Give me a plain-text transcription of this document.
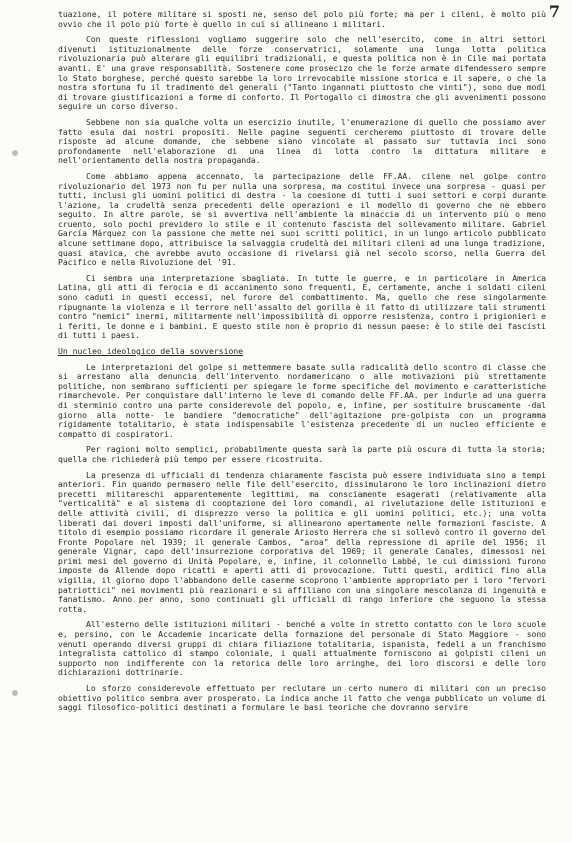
7
tuazione, il potere militare si sposti ne, senso del polo più forte; ma per i cileni, è molto più ovvio che il polo più forte è quello in cui si allineano i militari.
Con queste riflessioni vogliamo suggerire solo che nell'esercito, come in altri settori divenuti istituzionalmente delle forze conservatrici, solamente una lunga lotta politica rivoluzionaria può alterare gli equilibri tradizionali, e questa politica non è in Cile mai portata avanti. E' una grave responsabilità. Sostenere come prosecizo che le forze armate difendessero sempre lo Stato borghese, perché questo sarebbe la loro irrevocabile missione storica e il sapere, o che la nostra sfortuna fu il tradimento del generali ("Tanto ingannati piuttosto che vinti"), sono due modi di trovare giustificazioni a forme di conforto. Il Portogallo ci dimostra che gli avvenimenti possono seguire un corso diverso.
Sebbene non sia qualche volta un esercizio inutile, l'enumerazione di quello che possiamo aver fatto esula dai nostri propositi. Nelle pagine seguenti cercheremo piuttosto di trovare delle risposte ad alcune domande, che sebbene siano vincolate al passato sur tuttavia inci sono profondamente nell'elaborazione di una linea di lotta contro la dittatura militare e nell'orientamento della nostra propaganda.
Come abbiamo appena accennato, la partecipazione delle FF.AA. cilene nel golpe contro rivoluzionario del 1973 non fu per nulla una sorpresa, ma costituì invece una sorpresa - quasi per tutti, inclusi gli uomini politici di destra - la coesione di tutti i suoi settori e corpi durante l'azione, la crudeltà senza precedenti delle operazioni e il modello di governo che ne ebbero seguito. In altre parole, se si avvertiva nell'ambiente la minaccia di un intervento più o meno cruento, solo pochi previdero lo stile e il contenuto fascista del sollevamento militare. Gabriel García Márquez con la passione che mette nei suoi scritti politici, in un lungo articolo pubblicato alcune settimane dopo, attribuisce la salvaggia crudeltà dei militari cileni ad una lunga tradizione, quasi atavica, che avrebbe avuto occasione di rivelarsi già nel secolo scorso, nella Guerra del Pacifico e nella Rivoluzione del '91.
Ci sembra una interpretazione sbagliata. In tutte le guerre, e in particolare in America Latina, gli atti di ferocia e di accanimento sono frequenti, E, certamente, anche i soldati cileni sono caduti in questi eccessi, nel furore del combattimento. Ma, quello che rese singolarmente ripugnante la violenza e il terrore nell'assalto del gorilla è il fatto di utilizzare tali strumenti contro "nemici" inermi, militarmente nell'impossibilità di opporre resistenza, contro i prigionieri e i feriti, le donne e i bambini. E questo stile non è proprio di nessun paese: è lo stile dei fascisti di tutti i paesi.
Un nucleo ideologico della sovversione
Le interpretazioni del golpe si mettemmere basate sulla radicalità dello scontro di classe che si arrestano alla denuncia dell'intervento nordamericano o alle motivazioni più strettamente politiche, non sembrano sufficienti per spiegare le forme specifiche del movimento e caratteristiche rimarchevole. Per conquistare dall'interno le leve di comando delle FF.AA. per indurle ad una guerra di sterminio contro una parte considerevole del popolo, e, infine, per sostituire bruscamente -dal giorno alla notte- le bandiere "democratiche" dell'agitazione pre-golpista con un programma rigidamente totalitario, è stata indispensabile l'esistenza precedente di un nucleo efficiente e compatto di cospiratori.
Per ragioni molto semplici, probabilmente questa sarà la parte più oscura di tutta la storia; quella che richiederà più tempo per essere ricostruita.
La presenza di ufficiali di tendenza chiaramente fascista può essere individuata sino a tempi anteriori. Fin quando permasero nelle file dell'esercito, dissimularono le loro inclinazioni dietro precetti militareschi apparentemente legittimi, ma consciamente esagerati (relativamente alla "verticalità" e al sistema di cooptazione dei loro comandi, ai rivelutazione delle istituzioni e delle attività civili, di disprezzo verso la politica e gli uomini politici, etc.); una volta liberati dai doveri imposti dall'uniforme, si allinearono apertamente nelle formazioni fasciste. A titolo di esempio possiamo ricordare il generale Ariosto Herrera che si sollevò contro il governo del Fronte Popolare nel 1939; il generale Cambos, "aroa" della repressione di aprile del 1956; il generale Vignar, capo dell'insurrezione corporativa del 1969; il generale Canales, dimessosi nei primi mesi del governo di Unità Popolare, e, infine, il colonnello Labbé, le cui dimissioni furono imposte da Allende dopo ricatti e aperti atti di provocazione. Tutti questi, arditici fino alla vigilia, il giorno dopo l'abbandono delle caserme scoprono l'ambiente appropriato per i loro "fervori patriottici" nei movimenti più reazionari e si affiliano con una singolare mescolanza di ingenuità e fanatismo. Anno per anno, sono continuati gli ufficiali di rango inferiore che seguono la stessa rotta.
All'esterno delle istituzioni militari - benché a volte in stretto contatto con le loro scuole e, persino, con le Accademie incaricate della formazione del personale di Stato Maggiore - sono venuti operando diversi gruppi di chiara filiazione totalitaria, ispanista, fedeli a un franchismo integralista cattolico di stampo coloniale, i quali attualmente forniscono ai golpisti cileni un supporto non indifferente con la retorica delle loro arringhe, dei loro discorsi e delle loro dichiarazioni dottrinarie.
Lo sforzo considerevole effettuato per reclutare un certo numero di militari con un preciso obiettivo politico sembra aver prosperato. La indica anche il fatto che venga pubblicato un volume di saggi filosofico-politici destinati a formulare le basi teoriche che dovranno servire
